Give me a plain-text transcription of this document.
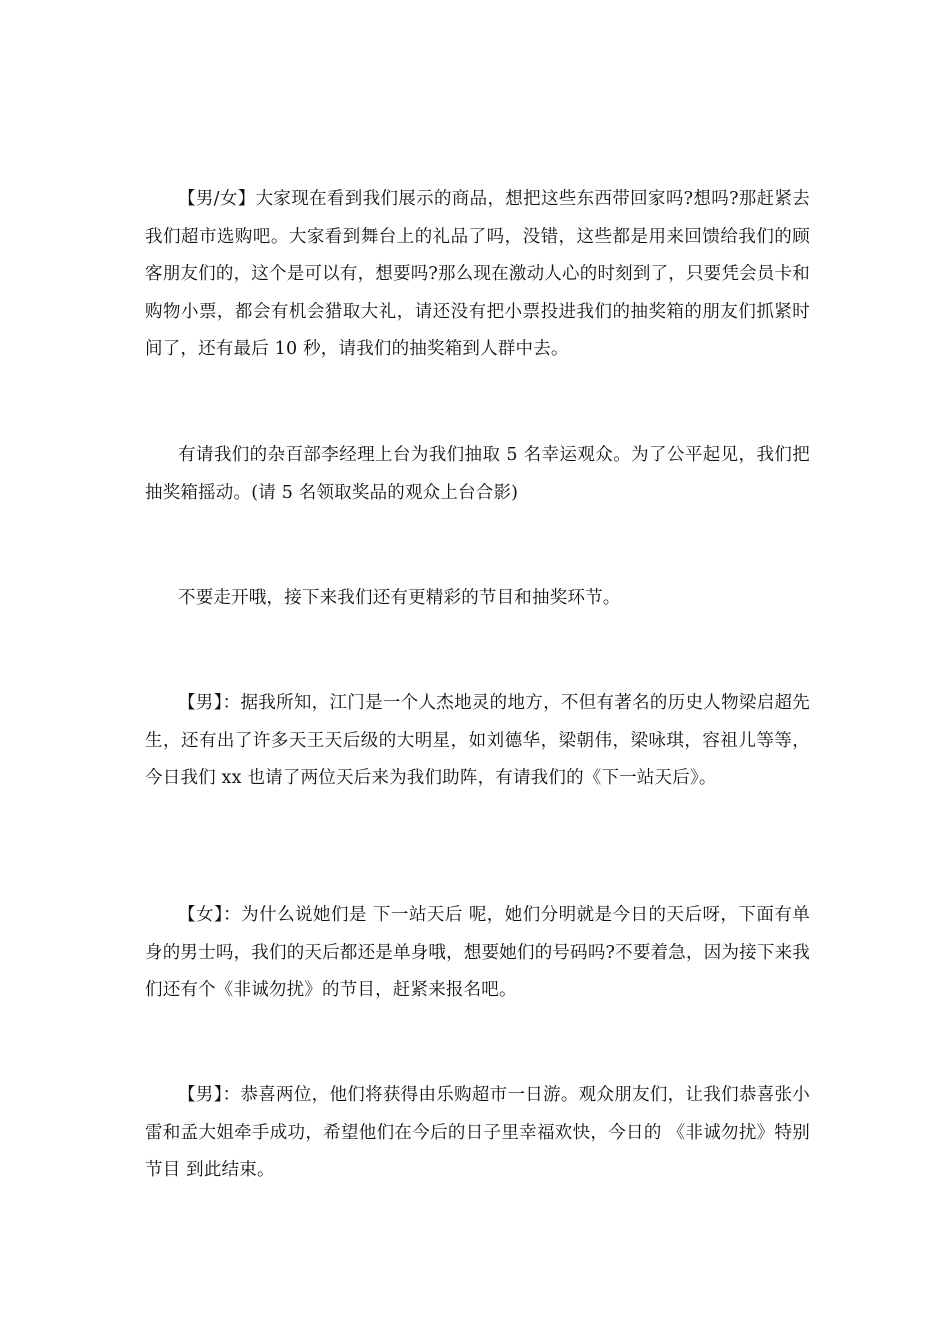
【男/女】大家现在看到我们展示的商品，想把这些东西带回家吗?想吗?那赶紧去我们超市选购吧。大家看到舞台上的礼品了吗，没错，这些都是用来回馈给我们的顾客朋友们的，这个是可以有，想要吗?那么现在激动人心的时刻到了，只要凭会员卡和购物小票，都会有机会猎取大礼，请还没有把小票投进我们的抽奖箱的朋友们抓紧时间了，还有最后 10 秒，请我们的抽奖箱到人群中去。

有请我们的杂百部李经理上台为我们抽取 5 名幸运观众。为了公平起见，我们把抽奖箱摇动。(请 5 名领取奖品的观众上台合影)

不要走开哦，接下来我们还有更精彩的节目和抽奖环节。

【男】：据我所知，江门是一个人杰地灵的地方，不但有著名的历史人物梁启超先生，还有出了许多天王天后级的大明星，如刘德华，梁朝伟，梁咏琪，容祖儿等等，今日我们 xx 也请了两位天后来为我们助阵，有请我们的《下一站天后》。

【女】：为什么说她们是 下一站天后 呢，她们分明就是今日的天后呀，下面有单身的男士吗，我们的天后都还是单身哦，想要她们的号码吗?不要着急，因为接下来我们还有个《非诚勿扰》的节目，赶紧来报名吧。

【男】：恭喜两位，他们将获得由乐购超市一日游。观众朋友们，让我们恭喜张小雷和孟大姐牵手成功，希望他们在今后的日子里幸福欢快，今日的 《非诚勿扰》特别节目 到此结束。
